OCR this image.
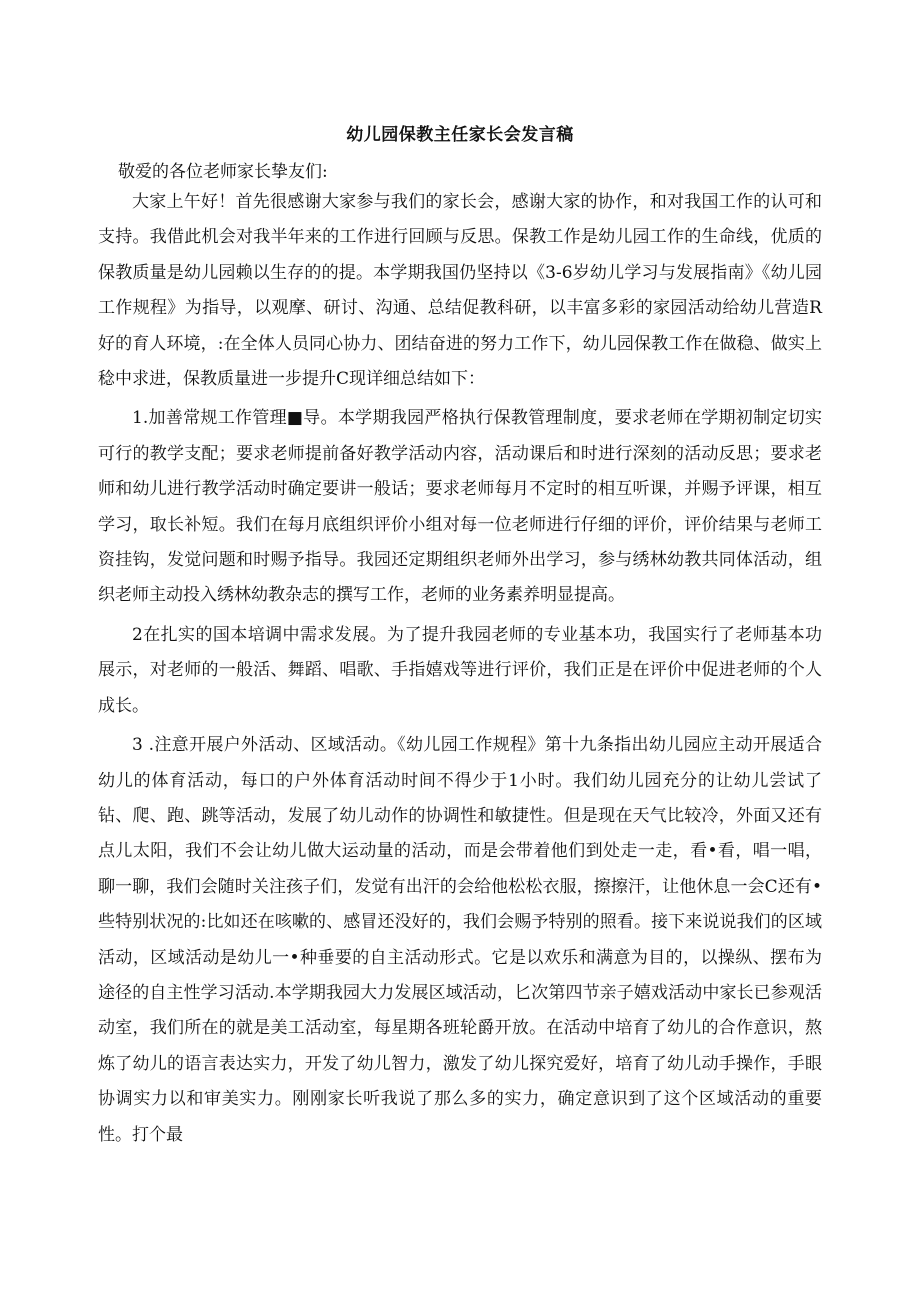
幼儿园保教主任家长会发言稿
敬爱的各位老师家长挚友们:

大家上午好！首先很感谢大家参与我们的家长会，感谢大家的协作，和对我国工作的认可和支持。我借此机会对我半年来的工作进行回顾与反思。保教工作是幼儿园工作的生命线，优质的保教质量是幼儿园赖以生存的的提。本学期我国仍坚持以《3-6岁幼儿学习与发展指南》《幼儿园工作规程》为指导，以观摩、研讨、沟通、总结促教科研，以丰富多彩的家园活动给幼儿营造R好的育人环境，:在全体人员同心协力、团结奋进的努力工作下，幼儿园保教工作在做稳、做实上稔中求进，保教质量进一步提升C现详细总结如下：

1.加善常规工作管理■导。本学期我园严格执行保教管理制度，要求老师在学期初制定切实可行的教学支配；要求老师提前备好教学活动内容，活动课后和时进行深刻的活动反思；要求老师和幼儿进行教学活动时确定要讲一般话；要求老师每月不定时的相互听课，并赐予评课，相互学习，取长补短。我们在每月底组织评价小组对每一位老师进行仔细的评价，评价结果与老师工资挂钩，发觉问题和时赐予指导。我园还定期组织老师外出学习，参与绣林幼教共同体活动，组织老师主动投入绣林幼教杂志的撰写工作，老师的业务素养明显提高。

2在扎实的国本培调中需求发展。为了提升我园老师的专业基本功，我国实行了老师基本功展示，对老师的一般活、舞蹈、唱歌、手指嬉戏等进行评价，我们正是在评价中促进老师的个人成长。

3 .注意开展户外活动、区域活动。《幼儿园工作规程》第十九条指出幼儿园应主动开展适合幼儿的体育活动，每口的户外体育活动时间不得少于1小时。我们幼儿园充分的让幼儿尝试了钻、爬、跑、跳等活动，发展了幼儿动作的协调性和敏捷性。但是现在天气比较冷，外面又还有点儿太阳，我们不会让幼儿做大运动量的活动，而是会带着他们到处走一走，看•看，唱一唱，聊一聊，我们会随时关注孩子们，发觉有出汗的会给他松松衣服，擦擦汗，让他休息一会C还有•些特别状况的:比如还在咳嗽的、感冒还没好的，我们会赐予特别的照看。接下来说说我们的区域活动，区域活动是幼儿一•种垂要的自主活动形式。它是以欢乐和满意为目的，以操纵、摆布为途径的自主性学习活动.本学期我园大力发展区域活动，匕次第四节亲子嬉戏活动中家长已参观活动室，我们所在的就是美工活动室，每星期各班轮爵开放。在活动中培育了幼儿的合作意识，熬炼了幼儿的语言表达实力，开发了幼儿智力，激发了幼儿探究爱好，培育了幼儿动手操作，手眼协调实力以和审美实力。刚刚家长听我说了那么多的实力，确定意识到了这个区域活动的重要性。打个最
